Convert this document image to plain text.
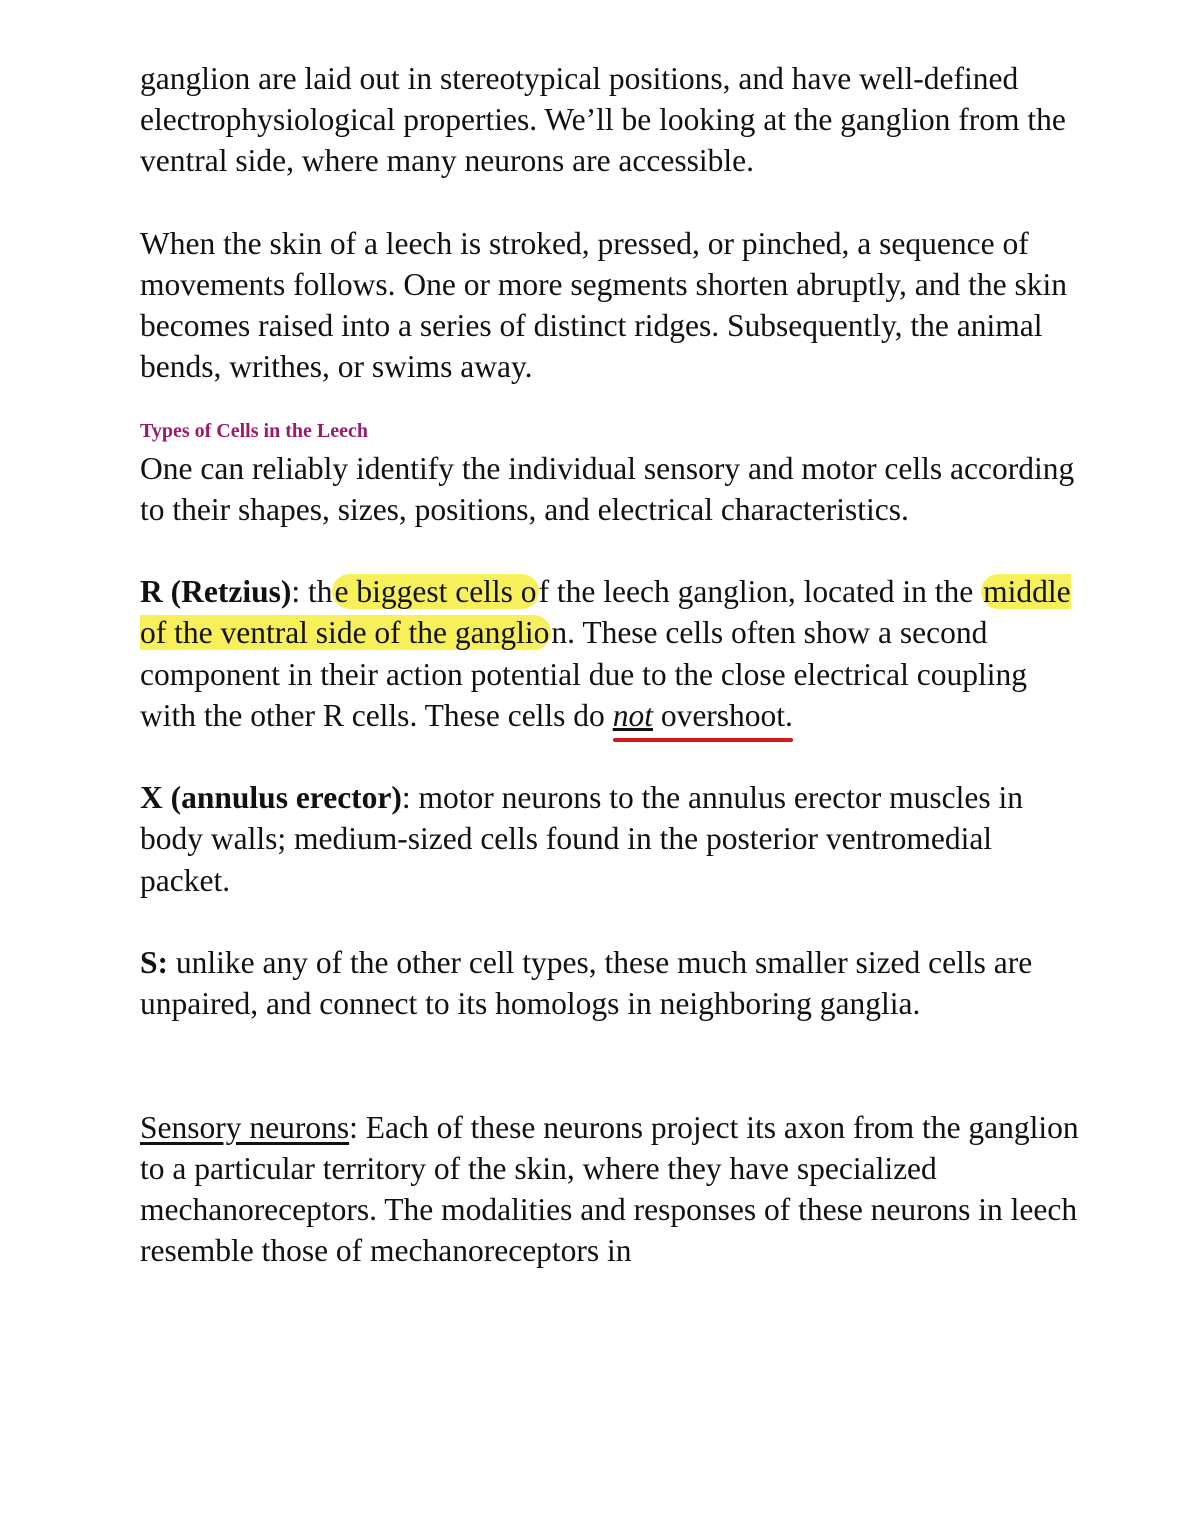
ganglion are laid out in stereotypical positions, and have well-defined electrophysiological properties. We’ll be looking at the ganglion from the ventral side, where many neurons are accessible.

When the skin of a leech is stroked, pressed, or pinched, a sequence of movements follows. One or more segments shorten abruptly, and the skin becomes raised into a series of distinct ridges. Subsequently, the animal bends, writhes, or swims away.

Types of Cells in the Leech

One can reliably identify the individual sensory and motor cells according to their shapes, sizes, positions, and electrical characteristics.

R (Retzius): the biggest cells of the leech ganglion, located in the middle of the ventral side of the ganglion. These cells often show a second component in their action potential due to the close electrical coupling with the other R cells. These cells do not overshoot.

X (annulus erector): motor neurons to the annulus erector muscles in body walls; medium-sized cells found in the posterior ventromedial packet.

S: unlike any of the other cell types, these much smaller sized cells are unpaired, and connect to its homologs in neighboring ganglia.

Sensory neurons: Each of these neurons project its axon from the ganglion to a particular territory of the skin, where they have specialized mechanoreceptors. The modalities and responses of these neurons in leech resemble those of mechanoreceptors in
